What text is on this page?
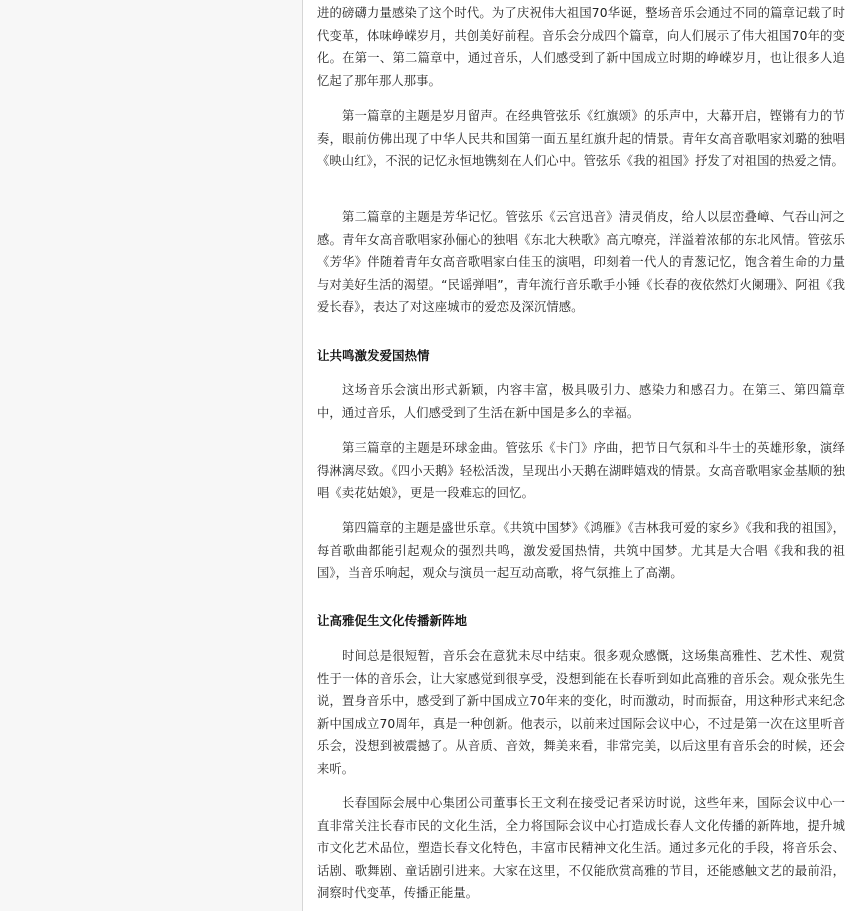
进的磅礴力量感染了这个时代。为了庆祝伟大祖国70华诞，整场音乐会通过不同的篇章记载了时代变革，体味峥嵘岁月，共创美好前程。音乐会分成四个篇章，向人们展示了伟大祖国70年的变化。在第一、第二篇章中，通过音乐，人们感受到了新中国成立时期的峥嵘岁月，也让很多人追忆起了那年那人那事。

第一篇章的主题是岁月留声。在经典管弦乐《红旗颂》的乐声中，大幕开启，铿锵有力的节奏，眼前仿佛出现了中华人民共和国第一面五星红旗升起的情景。青年女高音歌唱家刘璐的独唱《映山红》，不泯的记忆永恒地镌刻在人们心中。管弦乐《我的祖国》抒发了对祖国的热爱之情。

第二篇章的主题是芳华记忆。管弦乐《云宫迅音》清灵俏皮，给人以层峦叠嶂、气吞山河之感。青年女高音歌唱家孙俪心的独唱《东北大秧歌》高亢嘹亮，洋溢着浓郁的东北风情。管弦乐《芳华》伴随着青年女高音歌唱家白佳玉的演唱，印刻着一代人的青葱记忆，饱含着生命的力量与对美好生活的渴望。“民谣弹唱”，青年流行音乐歌手小锤《长春的夜依然灯火阑珊》、阿祖《我爱长春》，表达了对这座城市的爱恋及深沉情感。

让共鸣激发爱国热情

这场音乐会演出形式新颖，内容丰富，极具吸引力、感染力和感召力。在第三、第四篇章中，通过音乐，人们感受到了生活在新中国是多么的幸福。

第三篇章的主题是环球金曲。管弦乐《卡门》序曲，把节日气氛和斗牛士的英雄形象，演绎得淋漓尽致。《四小天鹅》轻松活泼，呈现出小天鹅在湖畔嬉戏的情景。女高音歌唱家金基顺的独唱《卖花姑娘》，更是一段难忘的回忆。

第四篇章的主题是盛世乐章。《共筑中国梦》《鸿雁》《吉林我可爱的家乡》《我和我的祖国》，每首歌曲都能引起观众的强烈共鸣，激发爱国热情，共筑中国梦。尤其是大合唱《我和我的祖国》，当音乐响起，观众与演员一起互动高歌，将气氛推上了高潮。

让高雅促生文化传播新阵地

时间总是很短暂，音乐会在意犹未尽中结束。很多观众感慨，这场集高雅性、艺术性、观赏性于一体的音乐会，让大家感觉到很享受，没想到能在长春听到如此高雅的音乐会。观众张先生说，置身音乐中，感受到了新中国成立70年来的变化，时而激动，时而振奋，用这种形式来纪念新中国成立70周年，真是一种创新。他表示，以前来过国际会议中心，不过是第一次在这里听音乐会，没想到被震撼了。从音质、音效，舞美来看，非常完美，以后这里有音乐会的时候，还会来听。

长春国际会展中心集团公司董事长王文利在接受记者采访时说，这些年来，国际会议中心一直非常关注长春市民的文化生活，全力将国际会议中心打造成长春人文化传播的新阵地，提升城市文化艺术品位，塑造长春文化特色，丰富市民精神文化生活。通过多元化的手段，将音乐会、话剧、歌舞剧、童话剧引进来。大家在这里，不仅能欣赏高雅的节目，还能感触文艺的最前沿，洞察时代变革，传播正能量。
